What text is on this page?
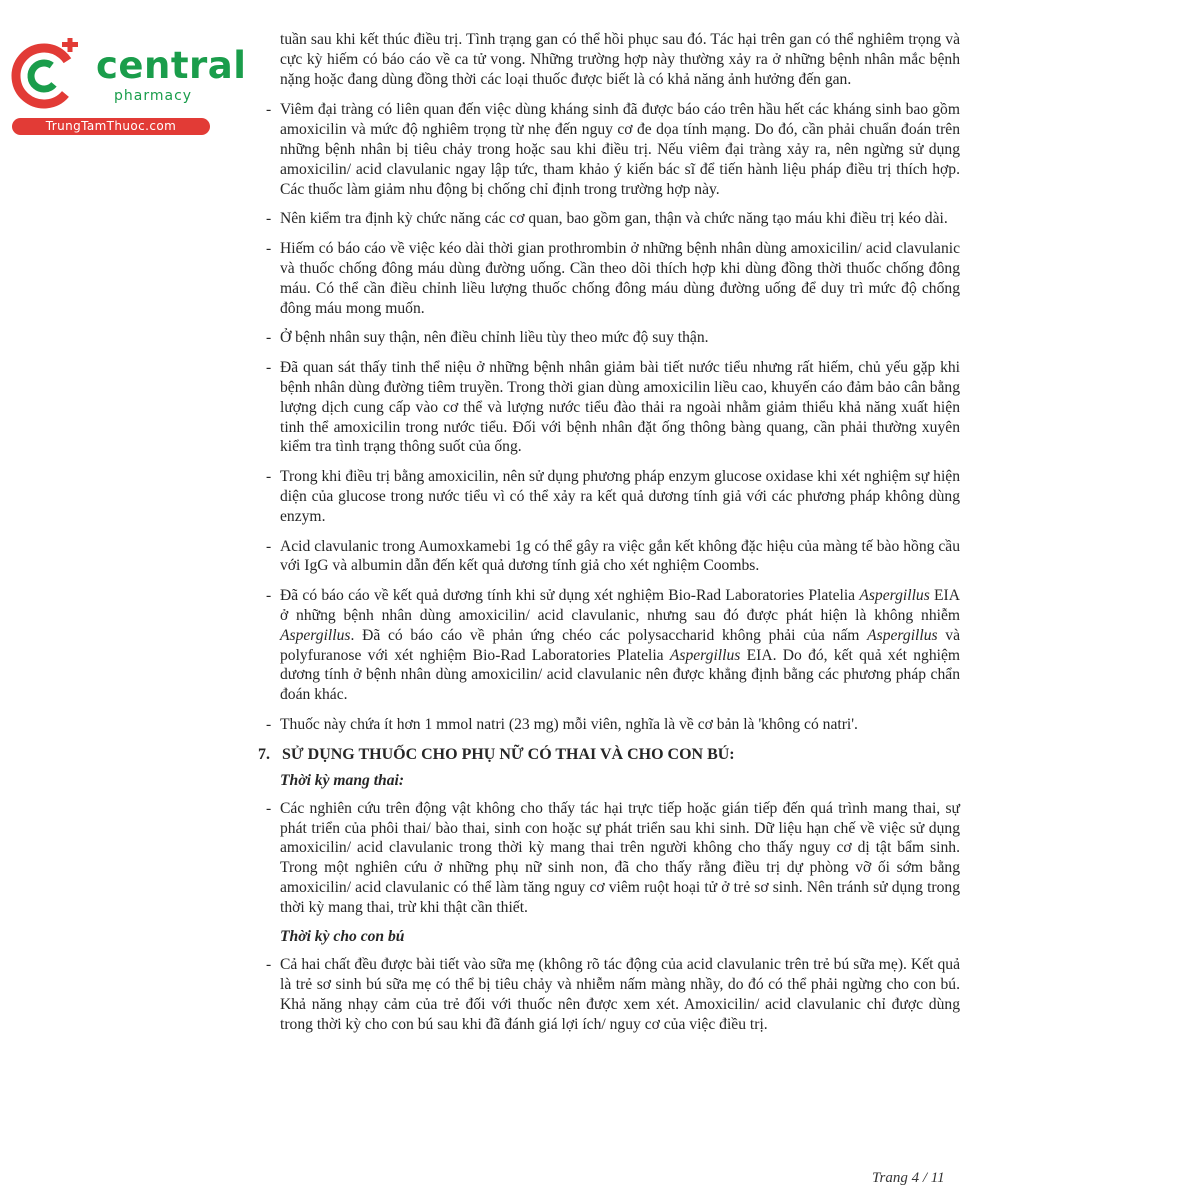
central
pharmacy
TrungTamThuoc.com

tuần sau khi kết thúc điều trị. Tình trạng gan có thể hồi phục sau đó. Tác hại trên gan có thể nghiêm trọng và cực kỳ hiếm có báo cáo về ca tử vong. Những trường hợp này thường xảy ra ở những bệnh nhân mắc bệnh nặng hoặc đang dùng đồng thời các loại thuốc được biết là có khả năng ảnh hưởng đến gan.

- Viêm đại tràng có liên quan đến việc dùng kháng sinh đã được báo cáo trên hầu hết các kháng sinh bao gồm amoxicilin và mức độ nghiêm trọng từ nhẹ đến nguy cơ đe dọa tính mạng. Do đó, cần phải chuẩn đoán trên những bệnh nhân bị tiêu chảy trong hoặc sau khi điều trị. Nếu viêm đại tràng xảy ra, nên ngừng sử dụng amoxicilin/ acid clavulanic ngay lập tức, tham khảo ý kiến bác sĩ để tiến hành liệu pháp điều trị thích hợp. Các thuốc làm giảm nhu động bị chống chỉ định trong trường hợp này.

- Nên kiểm tra định kỳ chức năng các cơ quan, bao gồm gan, thận và chức năng tạo máu khi điều trị kéo dài.

- Hiếm có báo cáo về việc kéo dài thời gian prothrombin ở những bệnh nhân dùng amoxicilin/ acid clavulanic và thuốc chống đông máu dùng đường uống. Cần theo dõi thích hợp khi dùng đồng thời thuốc chống đông máu. Có thể cần điều chỉnh liều lượng thuốc chống đông máu dùng đường uống để duy trì mức độ chống đông máu mong muốn.

- Ở bệnh nhân suy thận, nên điều chỉnh liều tùy theo mức độ suy thận.

- Đã quan sát thấy tinh thể niệu ở những bệnh nhân giảm bài tiết nước tiểu nhưng rất hiếm, chủ yếu gặp khi bệnh nhân dùng đường tiêm truyền. Trong thời gian dùng amoxicilin liều cao, khuyến cáo đảm bảo cân bằng lượng dịch cung cấp vào cơ thể và lượng nước tiểu đào thải ra ngoài nhằm giảm thiểu khả năng xuất hiện tinh thể amoxicilin trong nước tiểu. Đối với bệnh nhân đặt ống thông bàng quang, cần phải thường xuyên kiểm tra tình trạng thông suốt của ống.

- Trong khi điều trị bằng amoxicilin, nên sử dụng phương pháp enzym glucose oxidase khi xét nghiệm sự hiện diện của glucose trong nước tiểu vì có thể xảy ra kết quả dương tính giả với các phương pháp không dùng enzym.

- Acid clavulanic trong Aumoxkamebi 1g có thể gây ra việc gắn kết không đặc hiệu của màng tế bào hồng cầu với IgG và albumin dẫn đến kết quả dương tính giả cho xét nghiệm Coombs.

- Đã có báo cáo về kết quả dương tính khi sử dụng xét nghiệm Bio-Rad Laboratories Platelia Aspergillus EIA ở những bệnh nhân dùng amoxicilin/ acid clavulanic, nhưng sau đó được phát hiện là không nhiễm Aspergillus. Đã có báo cáo về phản ứng chéo các polysaccharid không phải của nấm Aspergillus và polyfuranose với xét nghiệm Bio-Rad Laboratories Platelia Aspergillus EIA. Do đó, kết quả xét nghiệm dương tính ở bệnh nhân dùng amoxicilin/ acid clavulanic nên được khẳng định bằng các phương pháp chẩn đoán khác.

- Thuốc này chứa ít hơn 1 mmol natri (23 mg) mỗi viên, nghĩa là về cơ bản là 'không có natri'.

7. SỬ DỤNG THUỐC CHO PHỤ NỮ CÓ THAI VÀ CHO CON BÚ:
Thời kỳ mang thai:

- Các nghiên cứu trên động vật không cho thấy tác hại trực tiếp hoặc gián tiếp đến quá trình mang thai, sự phát triển của phôi thai/ bào thai, sinh con hoặc sự phát triển sau khi sinh. Dữ liệu hạn chế về việc sử dụng amoxicilin/ acid clavulanic trong thời kỳ mang thai trên người không cho thấy nguy cơ dị tật bẩm sinh. Trong một nghiên cứu ở những phụ nữ sinh non, đã cho thấy rằng điều trị dự phòng vỡ ối sớm bằng amoxicilin/ acid clavulanic có thể làm tăng nguy cơ viêm ruột hoại tử ở trẻ sơ sinh. Nên tránh sử dụng trong thời kỳ mang thai, trừ khi thật cần thiết.

Thời kỳ cho con bú

- Cả hai chất đều được bài tiết vào sữa mẹ (không rõ tác động của acid clavulanic trên trẻ bú sữa mẹ). Kết quả là trẻ sơ sinh bú sữa mẹ có thể bị tiêu chảy và nhiễm nấm màng nhầy, do đó có thể phải ngừng cho con bú. Khả năng nhạy cảm của trẻ đối với thuốc nên được xem xét. Amoxicilin/ acid clavulanic chỉ được dùng trong thời kỳ cho con bú sau khi đã đánh giá lợi ích/ nguy cơ của việc điều trị.

Trang 4 / 11
